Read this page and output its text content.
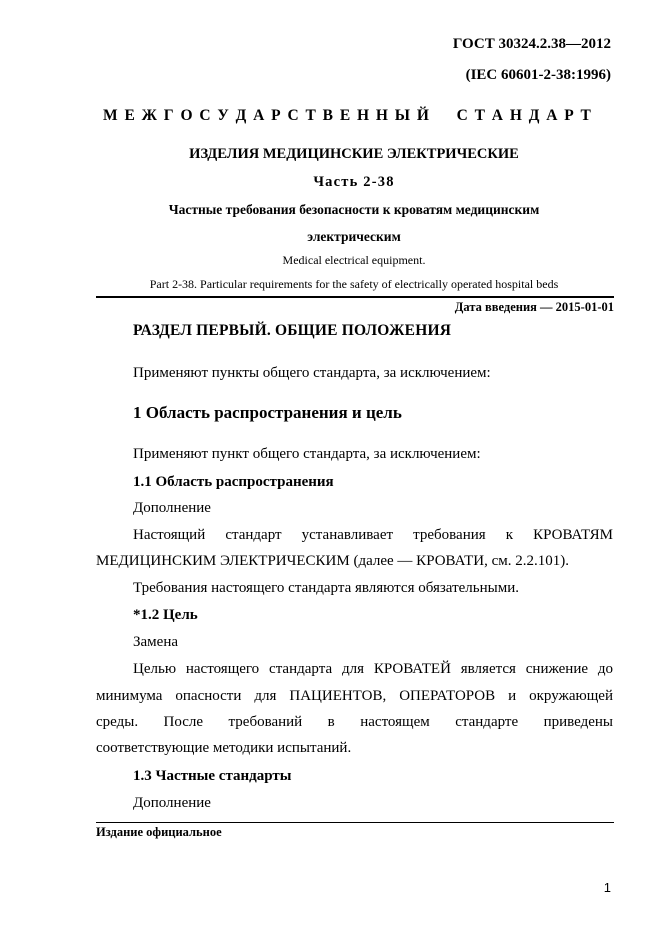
ГОСТ 30324.2.38—2012
(IEC 60601-2-38:1996)
М Е Ж Г О С У Д А Р С Т В Е Н Н Ы Й С Т А Н Д А Р Т
ИЗДЕЛИЯ МЕДИЦИНСКИЕ ЭЛЕКТРИЧЕСКИЕ
Часть 2-38
Частные требования безопасности к кроватям медицинским
электрическим
Medical electrical equipment.
Part 2-38. Particular requirements for the safety of electrically operated hospital beds
Дата введения — 2015-01-01
РАЗДЕЛ ПЕРВЫЙ. ОБЩИЕ ПОЛОЖЕНИЯ
Применяют пункты общего стандарта, за исключением:
1 Область распространения и цель
Применяют пункт общего стандарта, за исключением:
1.1 Область распространения
Дополнение
Настоящий стандарт устанавливает требования к КРОВАТЯМ
МЕДИЦИНСКИМ ЭЛЕКТРИЧЕСКИМ (далее — КРОВАТИ, см. 2.2.101).
Требования настоящего стандарта являются обязательными.
*1.2 Цель
Замена
Целью настоящего стандарта для КРОВАТЕЙ является снижение до
минимума опасности для ПАЦИЕНТОВ, ОПЕРАТОРОВ и окружающей
среды. После требований в настоящем стандарте приведены
соответствующие методики испытаний.
1.3 Частные стандарты
Дополнение
Издание официальное
1
